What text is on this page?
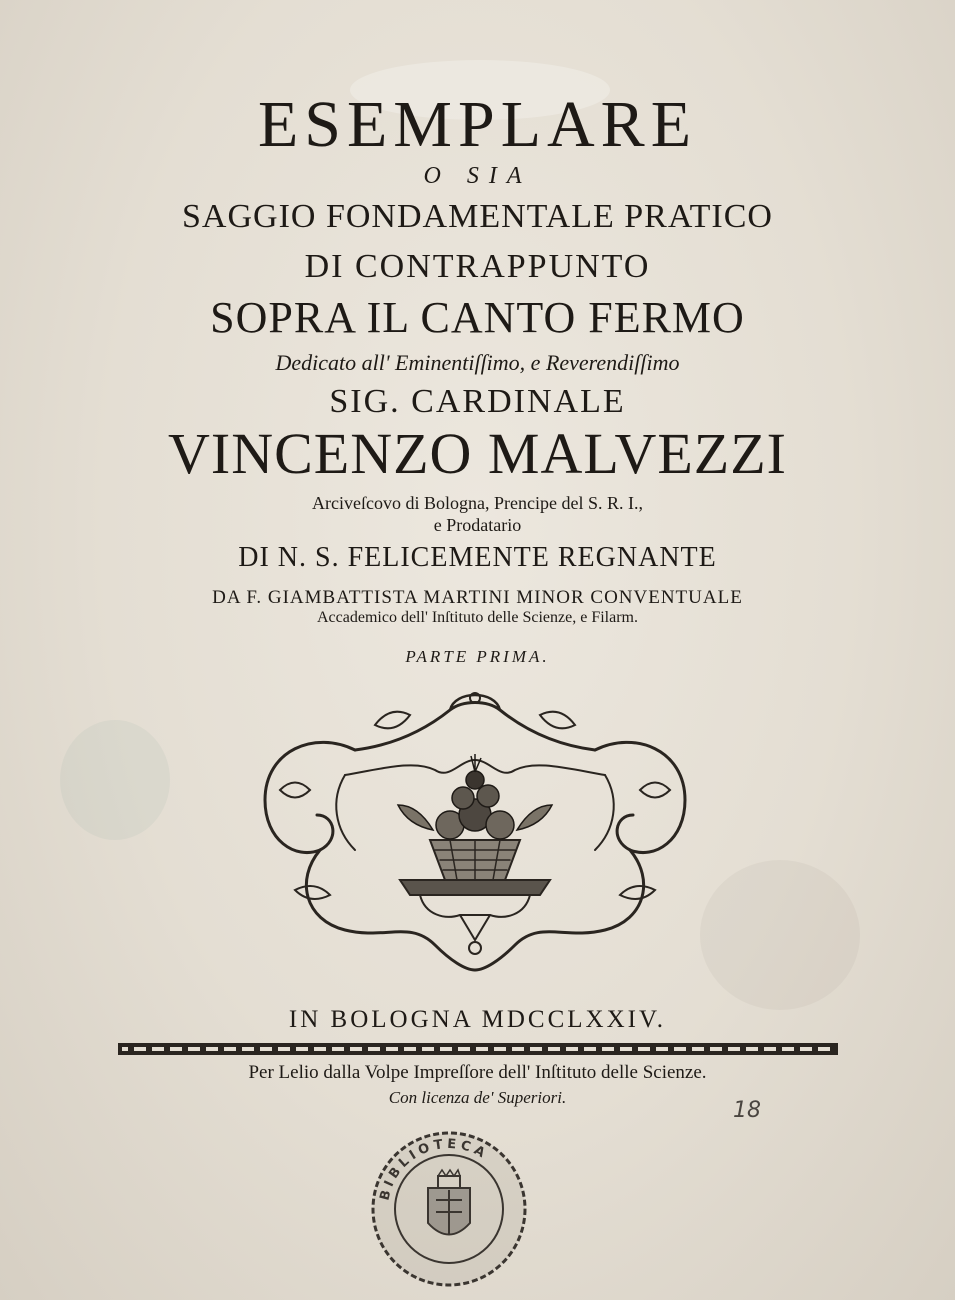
ESEMPLARE
O SIA
SAGGIO FONDAMENTALE PRATICO
DI CONTRAPPUNTO
SOPRA IL CANTO FERMO
Dedicato all' Eminentiſſimo, e Reverendiſſimo
SIG. CARDINALE
VINCENZO MALVEZZI
Arciveſcovo di Bologna, Prencipe del S. R. I.,
e Prodatario
DI N. S. FELICEMENTE REGNANTE
DA F. GIAMBATTISTA MARTINI MINOR CONVENTUALE
Accademico dell' Inſtituto delle Scienze, e Filarm.
PARTE PRIMA.
IN BOLOGNA MDCCLXXIV.
Per Lelio dalla Volpe Impreſſore dell' Inſtituto delle Scienze.
Con licenza de' Superiori.
18
BIBLIOTECA
